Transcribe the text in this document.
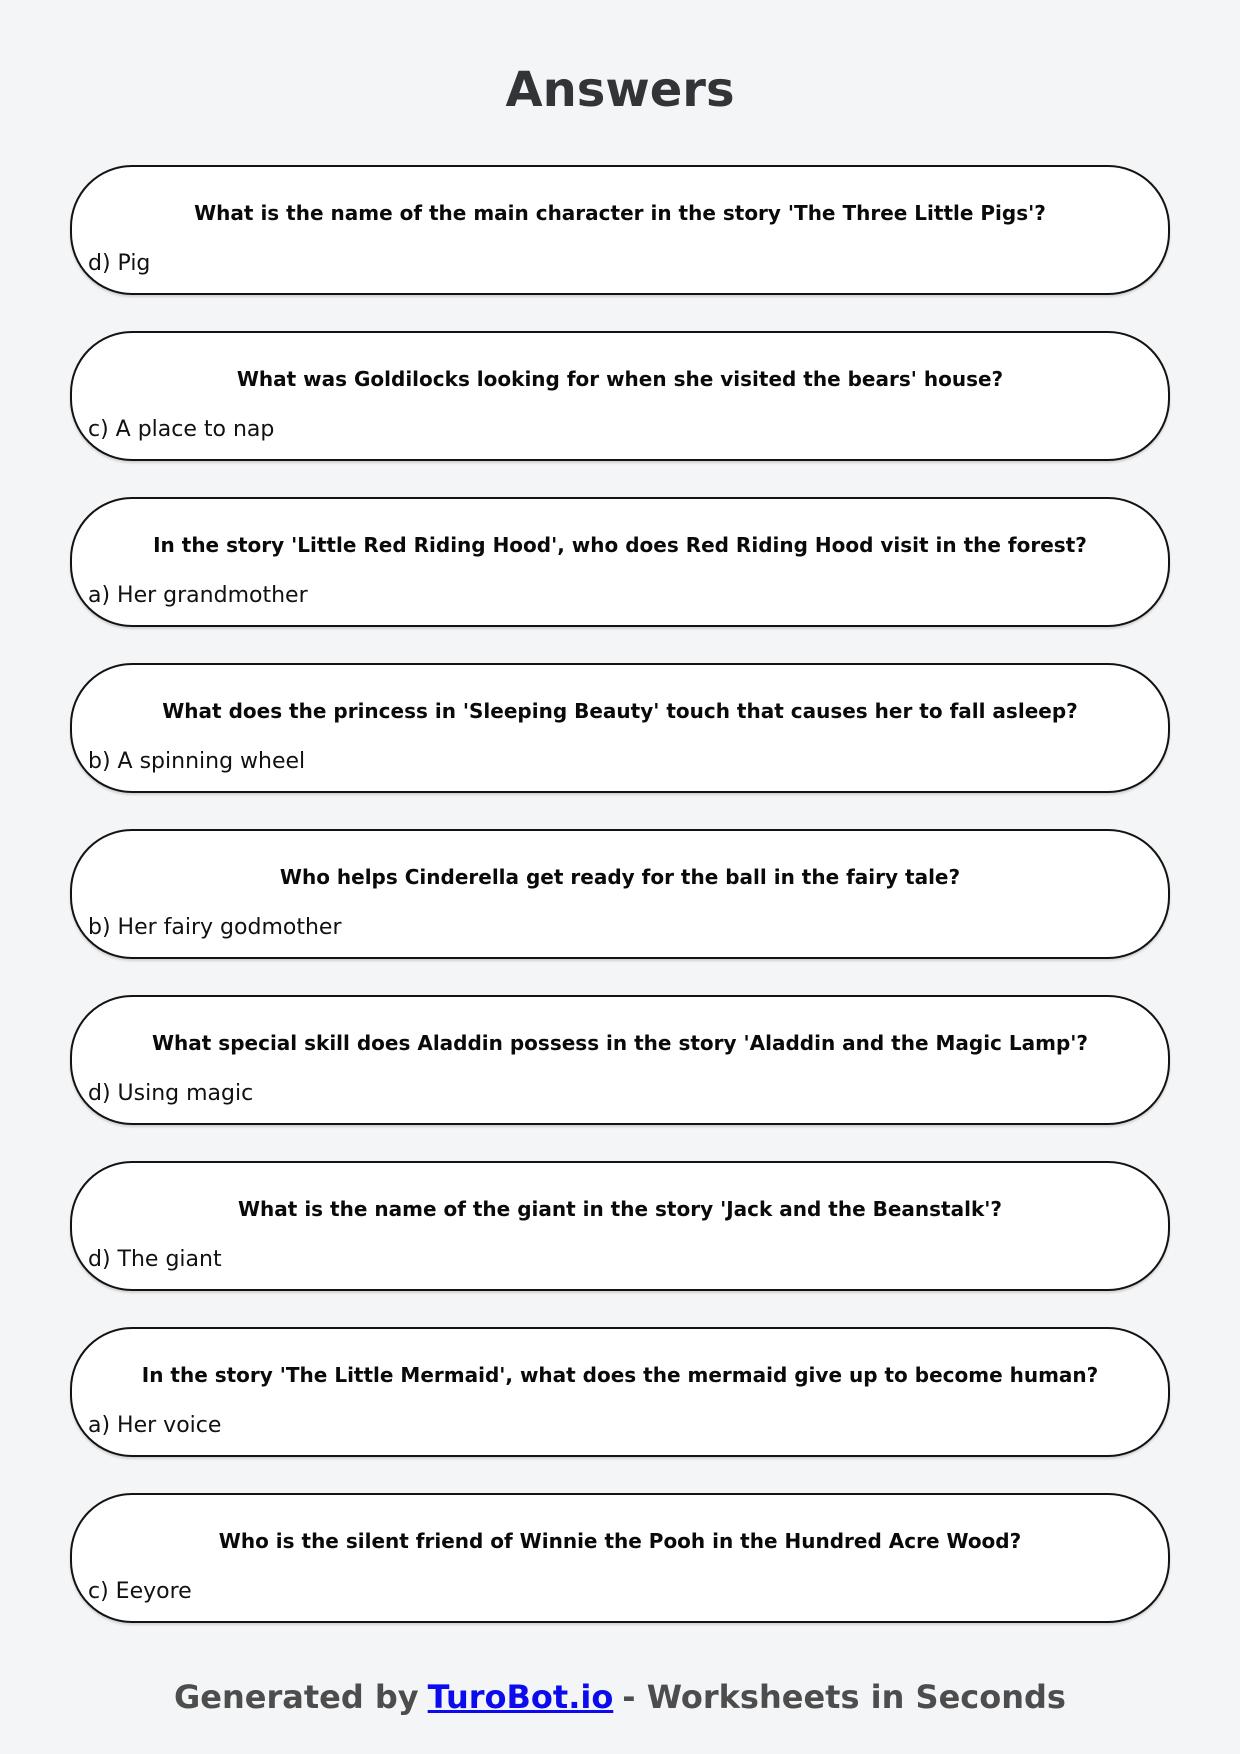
Answers
What is the name of the main character in the story 'The Three Little Pigs'?
d) Pig
What was Goldilocks looking for when she visited the bears' house?
c) A place to nap
In the story 'Little Red Riding Hood', who does Red Riding Hood visit in the forest?
a) Her grandmother
What does the princess in 'Sleeping Beauty' touch that causes her to fall asleep?
b) A spinning wheel
Who helps Cinderella get ready for the ball in the fairy tale?
b) Her fairy godmother
What special skill does Aladdin possess in the story 'Aladdin and the Magic Lamp'?
d) Using magic
What is the name of the giant in the story 'Jack and the Beanstalk'?
d) The giant
In the story 'The Little Mermaid', what does the mermaid give up to become human?
a) Her voice
Who is the silent friend of Winnie the Pooh in the Hundred Acre Wood?
c) Eeyore
Generated by TuroBot.io - Worksheets in Seconds
